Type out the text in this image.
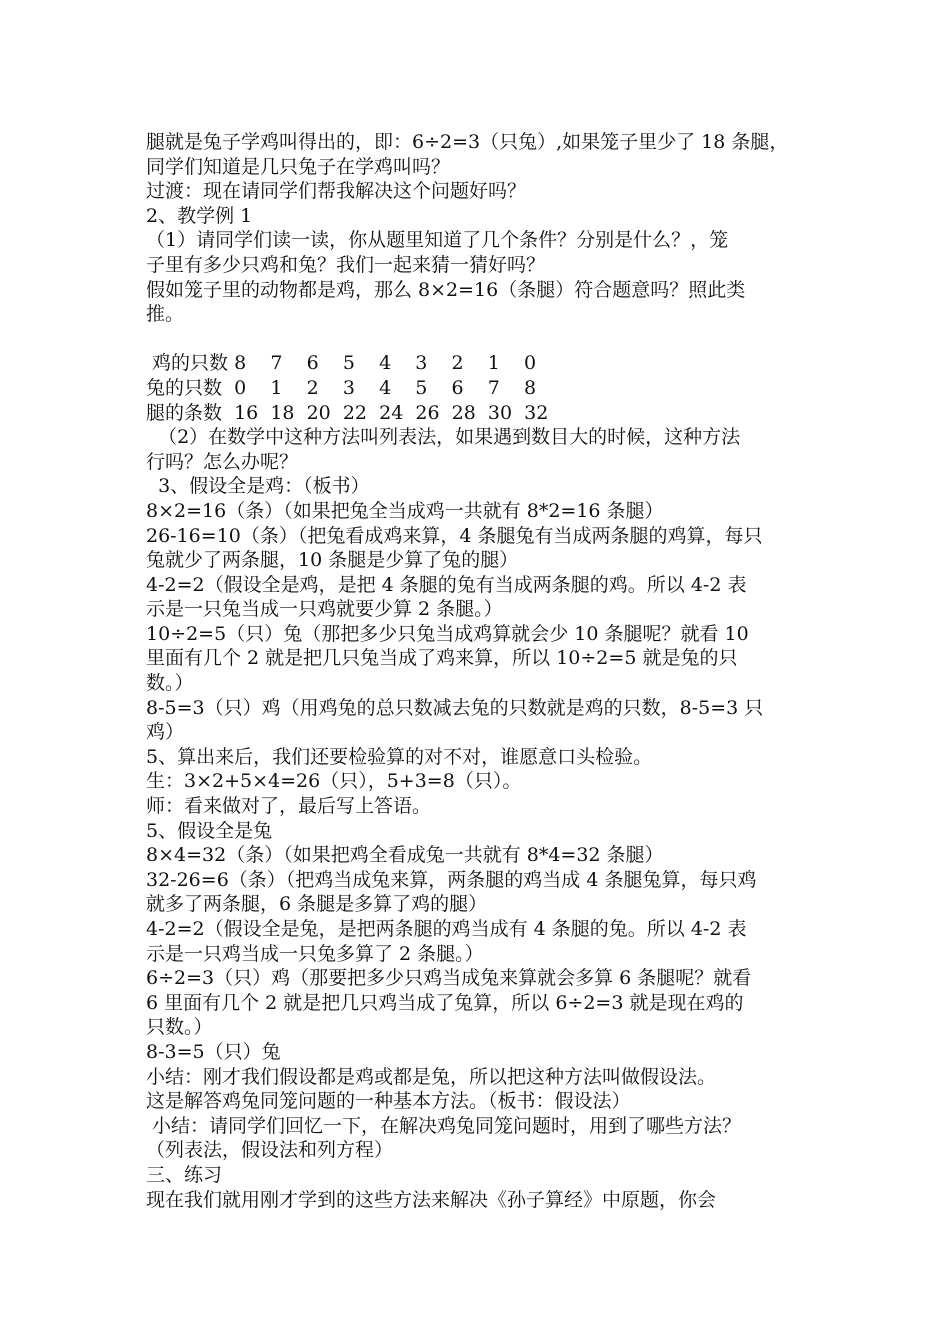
腿就是兔子学鸡叫得出的，即：6÷2=3（只兔）,如果笼子里少了 18 条腿，
同学们知道是几只兔子在学鸡叫吗？
过渡：现在请同学们帮我解决这个问题好吗？
2、教学例 1
（1）请同学们读一读，你从题里知道了几个条件？分别是什么？，笼
子里有多少只鸡和兔？我们一起来猜一猜好吗？
假如笼子里的动物都是鸡，那么 8×2=16（条腿）符合题意吗？照此类
推。
鸡的只数 8    7    6    5    4    3    2    1    0
兔的只数  0    1    2    3    4    5    6    7    8
腿的条数  16  18  20  22  24  26  28  30  32
（2）在数学中这种方法叫列表法，如果遇到数目大的时候，这种方法
行吗？怎么办呢？
3、假设全是鸡：（板书）
8×2=16（条）（如果把兔全当成鸡一共就有 8*2=16 条腿）
26-16=10（条）（把兔看成鸡来算，4 条腿兔有当成两条腿的鸡算，每只
兔就少了两条腿，10 条腿是少算了兔的腿）
4-2=2（假设全是鸡，是把 4 条腿的兔有当成两条腿的鸡。所以 4-2 表
示是一只兔当成一只鸡就要少算 2 条腿。）
10÷2=5（只）兔（那把多少只兔当成鸡算就会少 10 条腿呢？就看 10
里面有几个 2 就是把几只兔当成了鸡来算，所以 10÷2=5 就是兔的只
数。）
8-5=3（只）鸡（用鸡兔的总只数减去兔的只数就是鸡的只数，8-5=3 只
鸡）
5、算出来后，我们还要检验算的对不对，谁愿意口头检验。
生：3×2+5×4=26（只），5+3=8（只）。
师：看来做对了，最后写上答语。
5、假设全是兔
8×4=32（条）（如果把鸡全看成兔一共就有 8*4=32 条腿）
32-26=6（条）（把鸡当成兔来算，两条腿的鸡当成 4 条腿兔算，每只鸡
就多了两条腿，6 条腿是多算了鸡的腿）
4-2=2（假设全是兔，是把两条腿的鸡当成有 4 条腿的兔。所以 4-2 表
示是一只鸡当成一只兔多算了 2 条腿。）
6÷2=3（只）鸡（那要把多少只鸡当成兔来算就会多算 6 条腿呢？就看
6 里面有几个 2 就是把几只鸡当成了兔算，所以 6÷2=3 就是现在鸡的
只数。）
8-3=5（只）兔
小结：刚才我们假设都是鸡或都是兔，所以把这种方法叫做假设法。
这是解答鸡兔同笼问题的一种基本方法。（板书：假设法）
小结：请同学们回忆一下，在解决鸡兔同笼问题时，用到了哪些方法？
（列表法，假设法和列方程）
三、练习
现在我们就用刚才学到的这些方法来解决《孙子算经》中原题，你会
